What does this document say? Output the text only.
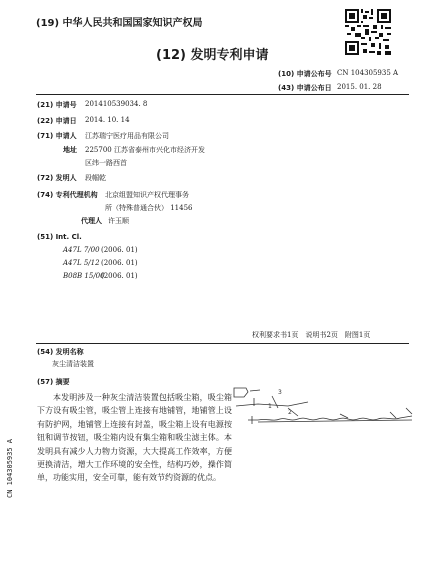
(19) 中华人民共和国国家知识产权局
(12) 发明专利申请
(10) 申请公布号 CN 104305935 A
(43) 申请公布日 2015. 01. 28
(21) 申请号 201410539034. 8
(22) 申请日 2014. 10. 14
(71) 申请人 江苏瑞宁医疗用品有限公司
地址 225700 江苏省泰州市兴化市经济开发
区纬一路西首
(72) 发明人 段帼乾
(74) 专利代理机构 北京组盟知识产权代理事务
所（特殊普通合伙） 11456
代理人 许玉顺
(51) Int. Cl.
A47L 7/00 (2006. 01)
A47L 5/12 (2006. 01)
B08B 15/00
(2006. 01)
权利要求书1页　说明书2页　附图1页
(54) 发明名称
灰尘清洁装置
(57) 摘要
本发明涉及一种灰尘清洁装置包括吸尘箱，吸尘箱下方设有吸尘管，吸尘管上连接有地铺管，地铺管上设有防护网，地铺管上连接有封盖，吸尘箱上设有电源按钮和调节按钮，吸尘箱内设有集尘箱和吸尘滤主体。本发明具有减少人力物力资源，大大提高工作效率，方便更换清洁，增大工作环境的安全性，结构巧妙，操作简单，功能实用，安全可靠，能有效节约资源的优点。
3
1
2
CN 104305935 A
